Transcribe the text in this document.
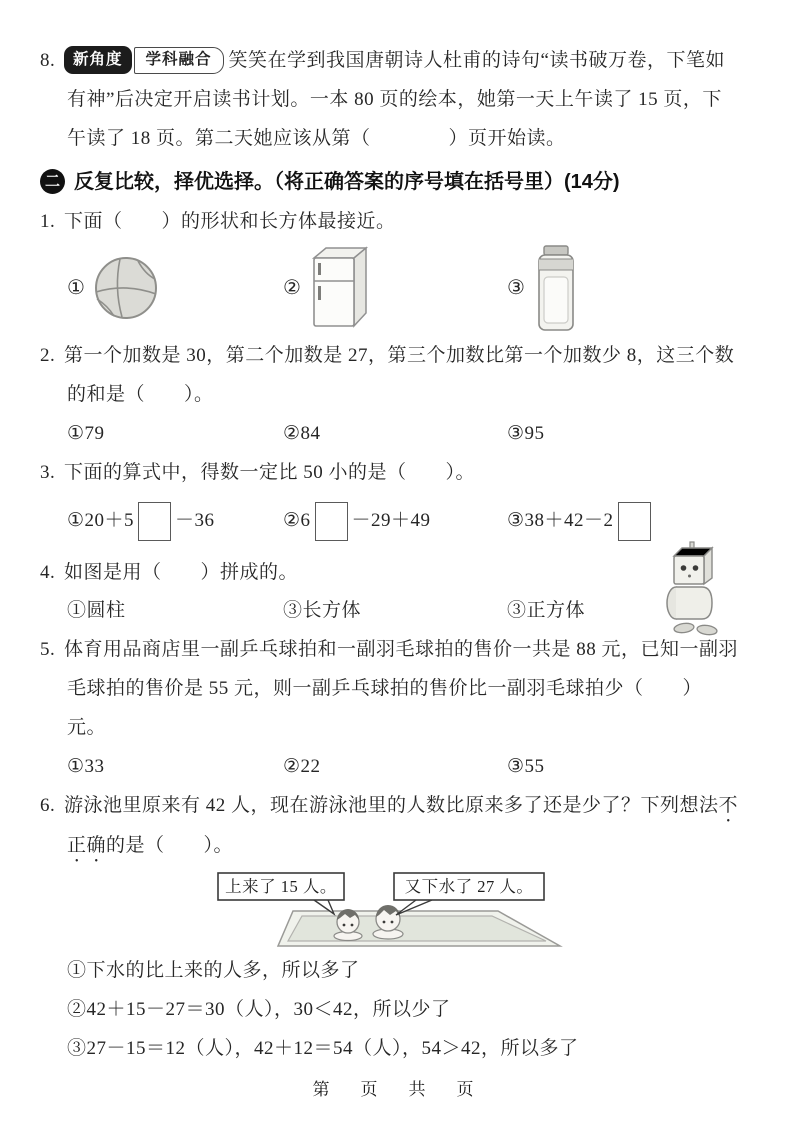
8. 新角度 学科融合 笑笑在学到我国唐朝诗人杜甫的诗句“读书破万卷，下笔如有神”后决定开启读书计划。一本 80 页的绘本，她第一天上午读了 15 页，下午读了 18 页。第二天她应该从第（　　　　）页开始读。

二 反复比较，择优选择。（将正确答案的序号填在括号里）(14分)

1. 下面（　　）的形状和长方体最接近。

①	②	③

2. 第一个加数是 30，第二个加数是 27，第三个加数比第一个加数少 8，这三个数的和是（　　）。

①79	②84	③95

3. 下面的算式中，得数一定比 50 小的是（　　）。

①20＋5 －36	②6 －29＋49	③38＋42－2

4. 如图是用（　　）拼成的。

①圆柱	③长方体	③正方体

5. 体育用品商店里一副乒乓球拍和一副羽毛球拍的售价一共是 88 元，已知一副羽毛球拍的售价是 55 元，则一副乒乓球拍的售价比一副羽毛球拍少（　　）元。

①33	②22	③55

6. 游泳池里原来有 42 人，现在游泳池里的人数比原来多了还是少了？下列想法不正确的是（　　）。

上来了 15 人。	又下水了 27 人。
①下水的比上来的人多，所以多了
②42＋15－27＝30（人），30＜42，所以少了
③27－15＝12（人），42＋12＝54（人），54＞42，所以多了
第　页　共　页
